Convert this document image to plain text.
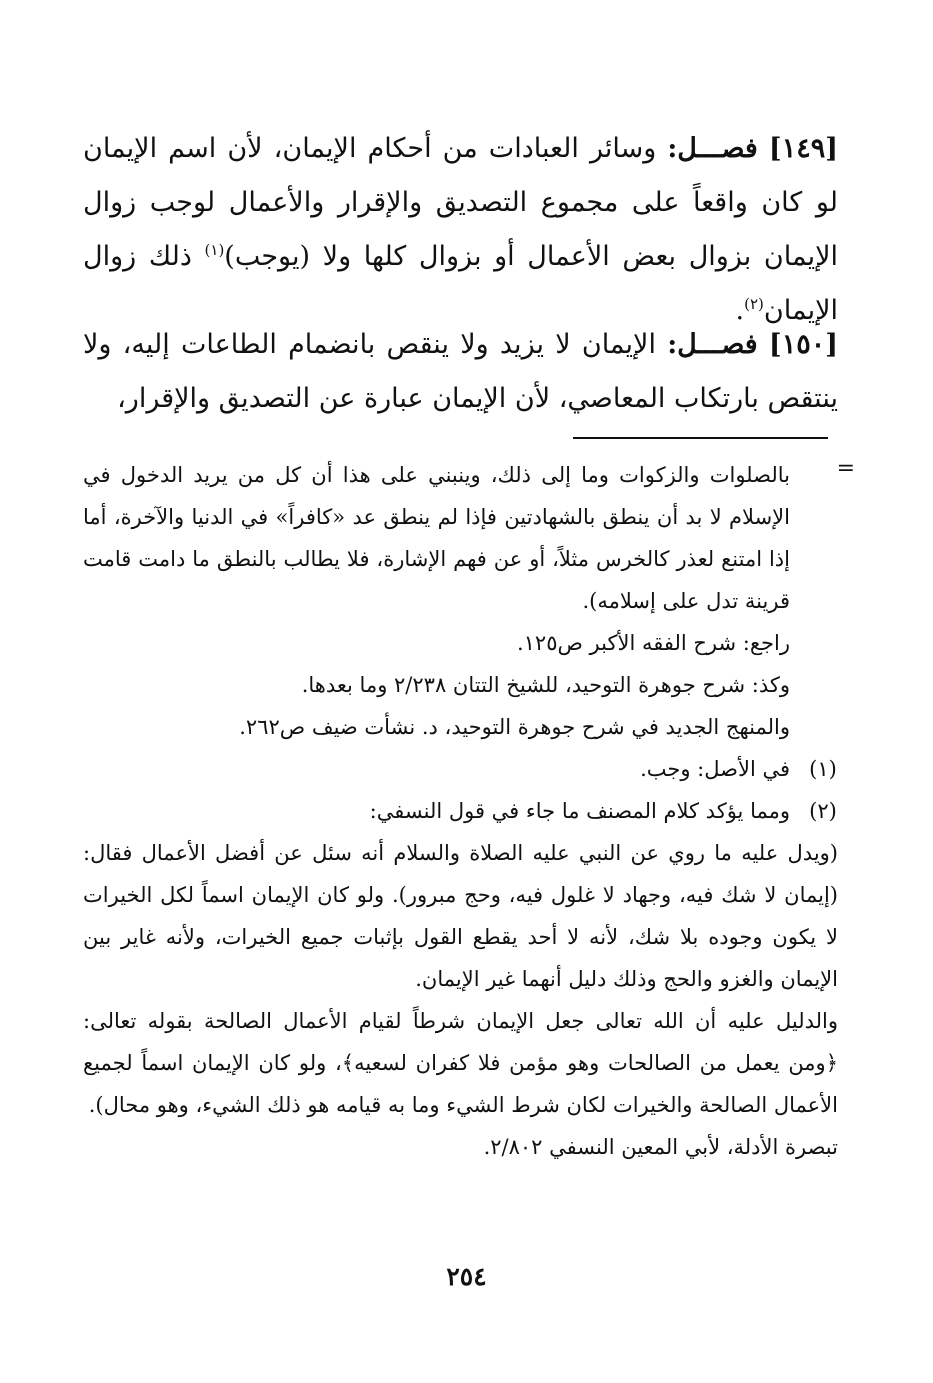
[١٤٩] فصـــل: وسائر العبادات من أحكام الإيمان، لأن اسم الإيمان لو كان واقعاً على مجموع التصديق والإقرار والأعمال لوجب زوال الإيمان بزوال بعض الأعمال أو بزوال كلها ولا (يوجب)$^{(١)}$ ذلك زوال الإيمان$^{(٢)}$.

[١٥٠] فصـــل: الإيمان لا يزيد ولا ينقص بانضمام الطاعات إليه، ولا ينتقص بارتكاب المعاصي، لأن الإيمان عبارة عن التصديق والإقرار،

=

بالصلوات والزكوات وما إلى ذلك، وينبني على هذا أن كل من يريد الدخول في الإسلام لا بد أن ينطق بالشهادتين فإذا لم ينطق عد «كافراً» في الدنيا والآخرة، أما إذا امتنع لعذر كالخرس مثلاً، أو عن فهم الإشارة، فلا يطالب بالنطق ما دامت قامت قرينة تدل على إسلامه).

راجع: شرح الفقه الأكبر ص١٢٥.

وكذ: شرح جوهرة التوحيد، للشيخ التتان ٢/٢٣٨ وما بعدها.

والمنهج الجديد في شرح جوهرة التوحيد، د. نشأت ضيف ص٢٦٢.

(١)
في الأصل: وجب.

(٢)
ومما يؤكد كلام المصنف ما جاء في قول النسفي:

(ويدل عليه ما روي عن النبي عليه الصلاة والسلام أنه سئل عن أفضل الأعمال فقال: (إيمان لا شك فيه، وجهاد لا غلول فيه، وحج مبرور). ولو كان الإيمان اسماً لكل الخيرات لا يكون وجوده بلا شك، لأنه لا أحد يقطع القول بإثبات جميع الخيرات، ولأنه غاير بين الإيمان والغزو والحج وذلك دليل أنهما غير الإيمان.

والدليل عليه أن الله تعالى جعل الإيمان شرطاً لقيام الأعمال الصالحة بقوله تعالى: ﴿ومن يعمل من الصالحات وهو مؤمن فلا كفران لسعيه﴾، ولو كان الإيمان اسماً لجميع الأعمال الصالحة والخيرات لكان شرط الشيء وما به قيامه هو ذلك الشيء، وهو محال).

تبصرة الأدلة، لأبي المعين النسفي ٢/٨٠٢.

٢٥٤
